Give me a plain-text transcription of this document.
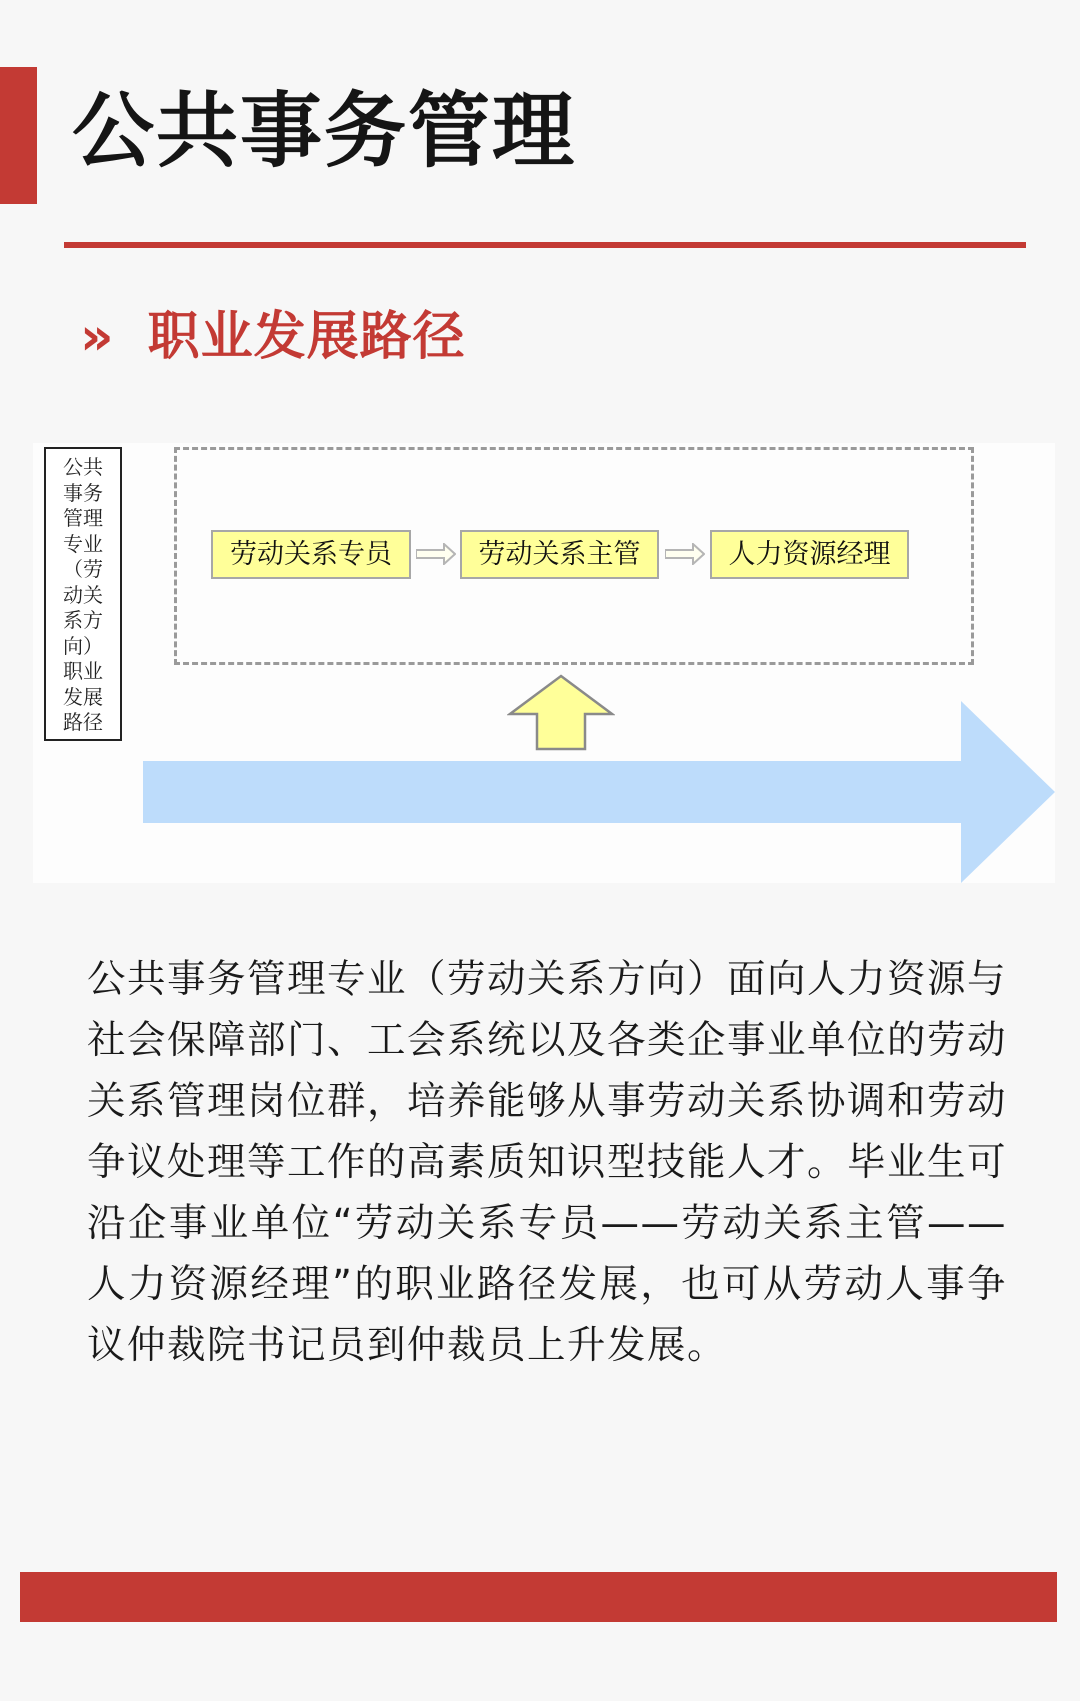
公共事务管理
» 职业发展路径
公共事务管理专业（劳动关系方向）职业发展路径
劳动关系专员	劳动关系主管	人力资源经理

公共事务管理专业（劳动关系方向）面向人力资源与社会保障部门、工会系统以及各类企事业单位的劳动关系管理岗位群，培养能够从事劳动关系协调和劳动争议处理等工作的高素质知识型技能人才。毕业生可沿企事业单位“劳动关系专员——劳动关系主管——人力资源经理”的职业路径发展，也可从劳动人事争议仲裁院书记员到仲裁员上升发展。
